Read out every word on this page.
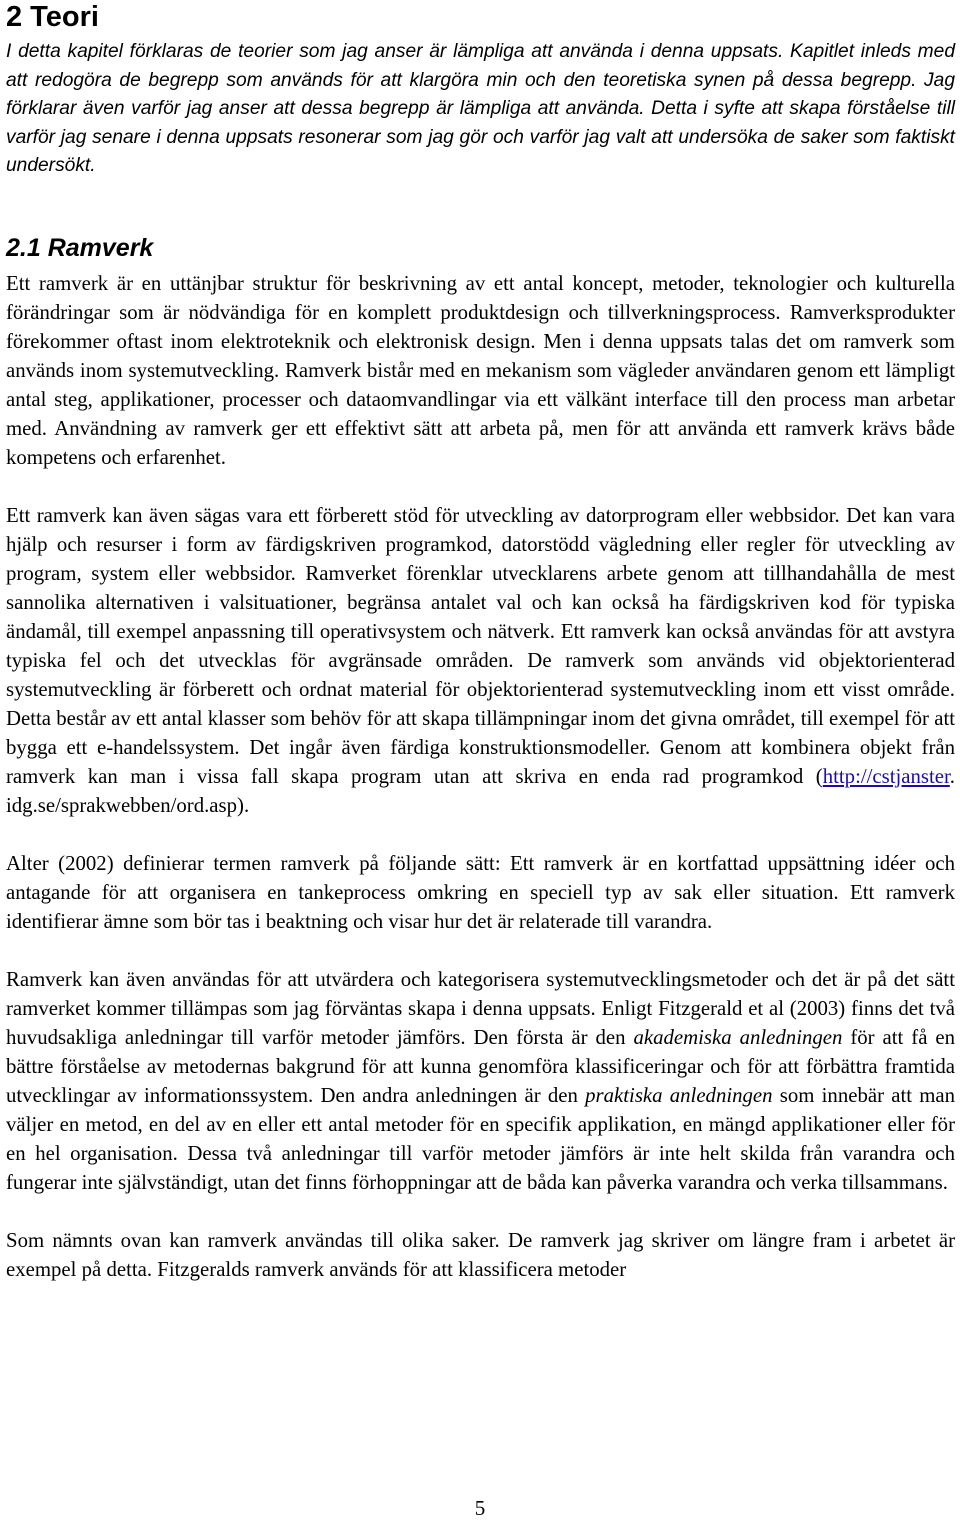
2 Teori

I detta kapitel förklaras de teorier som jag anser är lämpliga att använda i denna uppsats. Kapitlet inleds med att redogöra de begrepp som används för att klargöra min och den teoretiska synen på dessa begrepp. Jag förklarar även varför jag anser att dessa begrepp är lämpliga att använda. Detta i syfte att skapa förståelse till varför jag senare i denna uppsats resonerar som jag gör och varför jag valt att undersöka de saker som faktiskt undersökt.

2.1 Ramverk

Ett ramverk är en uttänjbar struktur för beskrivning av ett antal koncept, metoder, teknologier och kulturella förändringar som är nödvändiga för en komplett produktdesign och tillverkningsprocess. Ramverksprodukter förekommer oftast inom elektroteknik och elektronisk design. Men i denna uppsats talas det om ramverk som används inom systemutveckling. Ramverk bistår med en mekanism som vägleder användaren genom ett lämpligt antal steg, applikationer, processer och dataomvandlingar via ett välkänt interface till den process man arbetar med. Användning av ramverk ger ett effektivt sätt att arbeta på, men för att använda ett ramverk krävs både kompetens och erfarenhet.

Ett ramverk kan även sägas vara ett förberett stöd för utveckling av datorprogram eller webbsidor. Det kan vara hjälp och resurser i form av färdigskriven programkod, datorstödd vägledning eller regler för utveckling av program, system eller webbsidor. Ramverket förenklar utvecklarens arbete genom att tillhandahålla de mest sannolika alternativen i valsituationer, begränsa antalet val och kan också ha färdigskriven kod för typiska ändamål, till exempel anpassning till operativsystem och nätverk. Ett ramverk kan också användas för att avstyra typiska fel och det utvecklas för avgränsade områden. De ramverk som används vid objektorienterad systemutveckling är förberett och ordnat material för objektorienterad systemutveckling inom ett visst område. Detta består av ett antal klasser som behöv för att skapa tillämpningar inom det givna området, till exempel för att bygga ett e-handelssystem. Det ingår även färdiga konstruktionsmodeller. Genom att kombinera objekt från ramverk kan man i vissa fall skapa program utan att skriva en enda rad programkod (http://cstjanster. idg.se/sprakwebben/ord.asp).

Alter (2002) definierar termen ramverk på följande sätt: Ett ramverk är en kortfattad uppsättning idéer och antagande för att organisera en tankeprocess omkring en speciell typ av sak eller situation. Ett ramverk identifierar ämne som bör tas i beaktning och visar hur det är relaterade till varandra.

Ramverk kan även användas för att utvärdera och kategorisera systemutvecklingsmetoder och det är på det sätt ramverket kommer tillämpas som jag förväntas skapa i denna uppsats. Enligt Fitzgerald et al (2003) finns det två huvudsakliga anledningar till varför metoder jämförs. Den första är den akademiska anledningen för att få en bättre förståelse av metodernas bakgrund för att kunna genomföra klassificeringar och för att förbättra framtida utvecklingar av informationssystem. Den andra anledningen är den praktiska anledningen som innebär att man väljer en metod, en del av en eller ett antal metoder för en specifik applikation, en mängd applikationer eller för en hel organisation. Dessa två anledningar till varför metoder jämförs är inte helt skilda från varandra och fungerar inte självständigt, utan det finns förhoppningar att de båda kan påverka varandra och verka tillsammans.

Som nämnts ovan kan ramverk användas till olika saker. De ramverk jag skriver om längre fram i arbetet är exempel på detta. Fitzgeralds ramverk används för att klassificera metoder

5
